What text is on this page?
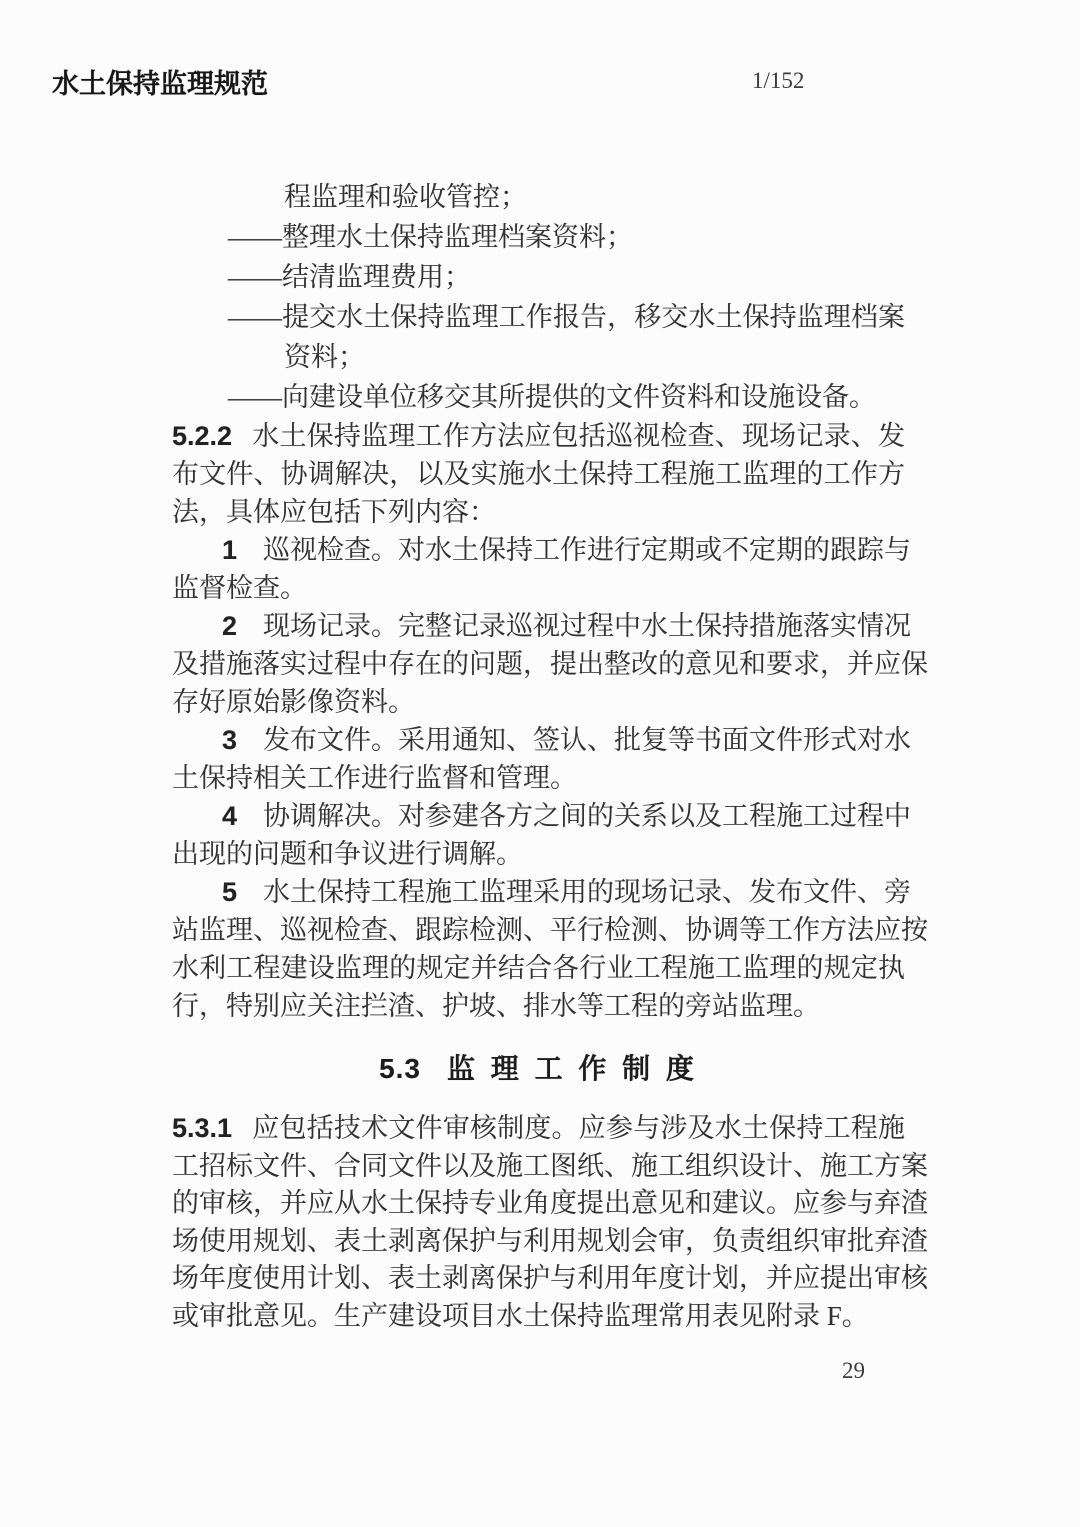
水土保持监理规范	1/152
程监理和验收管控；
——整理水土保持监理档案资料；
——结清监理费用；
——提交水土保持监理工作报告，移交水土保持监理档案
资料；
——向建设单位移交其所提供的文件资料和设施设备。
5.2.2 水土保持监理工作方法应包括巡视检查、现场记录、发
布文件、协调解决，以及实施水土保持工程施工监理的工作方
法，具体应包括下列内容：
1 巡视检查。对水土保持工作进行定期或不定期的跟踪与
监督检查。
2 现场记录。完整记录巡视过程中水土保持措施落实情况
及措施落实过程中存在的问题，提出整改的意见和要求，并应保
存好原始影像资料。
3 发布文件。采用通知、签认、批复等书面文件形式对水
土保持相关工作进行监督和管理。
4 协调解决。对参建各方之间的关系以及工程施工过程中
出现的问题和争议进行调解。
5 水土保持工程施工监理采用的现场记录、发布文件、旁
站监理、巡视检查、跟踪检测、平行检测、协调等工作方法应按
水利工程建设监理的规定并结合各行业工程施工监理的规定执
行，特别应关注拦渣、护坡、排水等工程的旁站监理。
5.3 监 理 工 作 制 度
5.3.1 应包括技术文件审核制度。应参与涉及水土保持工程施
工招标文件、合同文件以及施工图纸、施工组织设计、施工方案
的审核，并应从水土保持专业角度提出意见和建议。应参与弃渣
场使用规划、表土剥离保护与利用规划会审，负责组织审批弃渣
场年度使用计划、表土剥离保护与利用年度计划，并应提出审核
或审批意见。生产建设项目水土保持监理常用表见附录 F。
29
